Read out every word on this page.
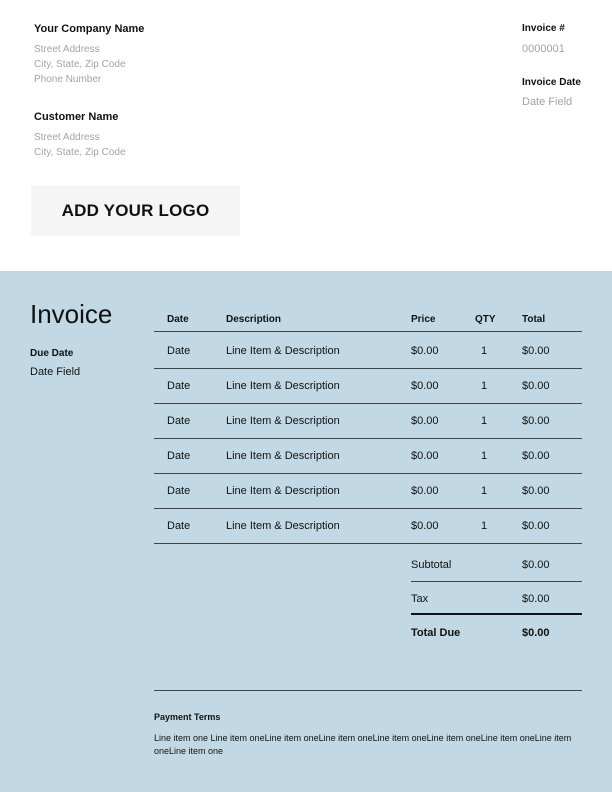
Your Company Name
Street Address
City, State, Zip Code
Phone Number
Customer Name
Street Address
City, State, Zip Code
ADD YOUR LOGO
Invoice #
0000001
Invoice Date
Date Field
Invoice
Due Date
Date Field
Date	Description	Price	QTY	Total
Date	Line Item & Description	$0.00	1	$0.00
Date	Line Item & Description	$0.00	1	$0.00
Date	Line Item & Description	$0.00	1	$0.00
Date	Line Item & Description	$0.00	1	$0.00
Date	Line Item & Description	$0.00	1	$0.00
Date	Line Item & Description	$0.00	1	$0.00
Subtotal	$0.00
Tax	$0.00
Total Due	$0.00
Payment Terms
Line item one Line item oneLine item oneLine item oneLine item oneLine item oneLine item oneLine item oneLine item one
